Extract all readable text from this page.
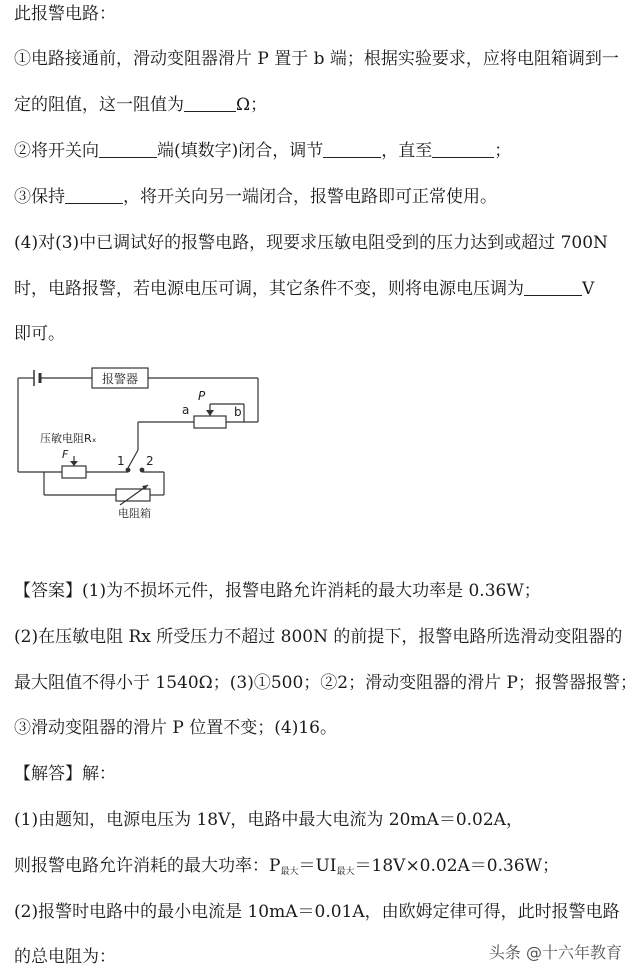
此报警电路：
①电路接通前，滑动变阻器滑片 P 置于 b 端；根据实验要求，应将电阻箱调到一
定的阻值，这一阻值为	Ω；
②将开关向	端(填数字)闭合，调节	，直至	；
③保持	，将开关向另一端闭合，报警电路即可正常使用。
(4)对(3)中已调试好的报警电路，现要求压敏电阻受到的压力达到或超过 700N
时，电路报警，若电源电压可调，其它条件不变，则将电源电压调为	V
即可。
报警器
P
a	b
1 2
F
压敏电阻Rₓ
电阻箱
【答案】(1)为不损坏元件，报警电路允许消耗的最大功率是 0.36W；
(2)在压敏电阻 Rx 所受压力不超过 800N 的前提下，报警电路所选滑动变阻器的
最大阻值不得小于 1540Ω；(3)①500；②2；滑动变阻器的滑片 P；报警器报警；
③滑动变阻器的滑片 P 位置不变；(4)16。
【解答】解：
(1)由题知，电源电压为 18V，电路中最大电流为 20mA＝0.02A，
则报警电路允许消耗的最大功率：$P_{最大}=UI_{最大}=18V\times 0.02A=0.36W$；
(2)报警时电路中的最小电流是 10mA＝0.01A，由欧姆定律可得，此时报警电路
的总电阻为：	头条 @十六年教育
